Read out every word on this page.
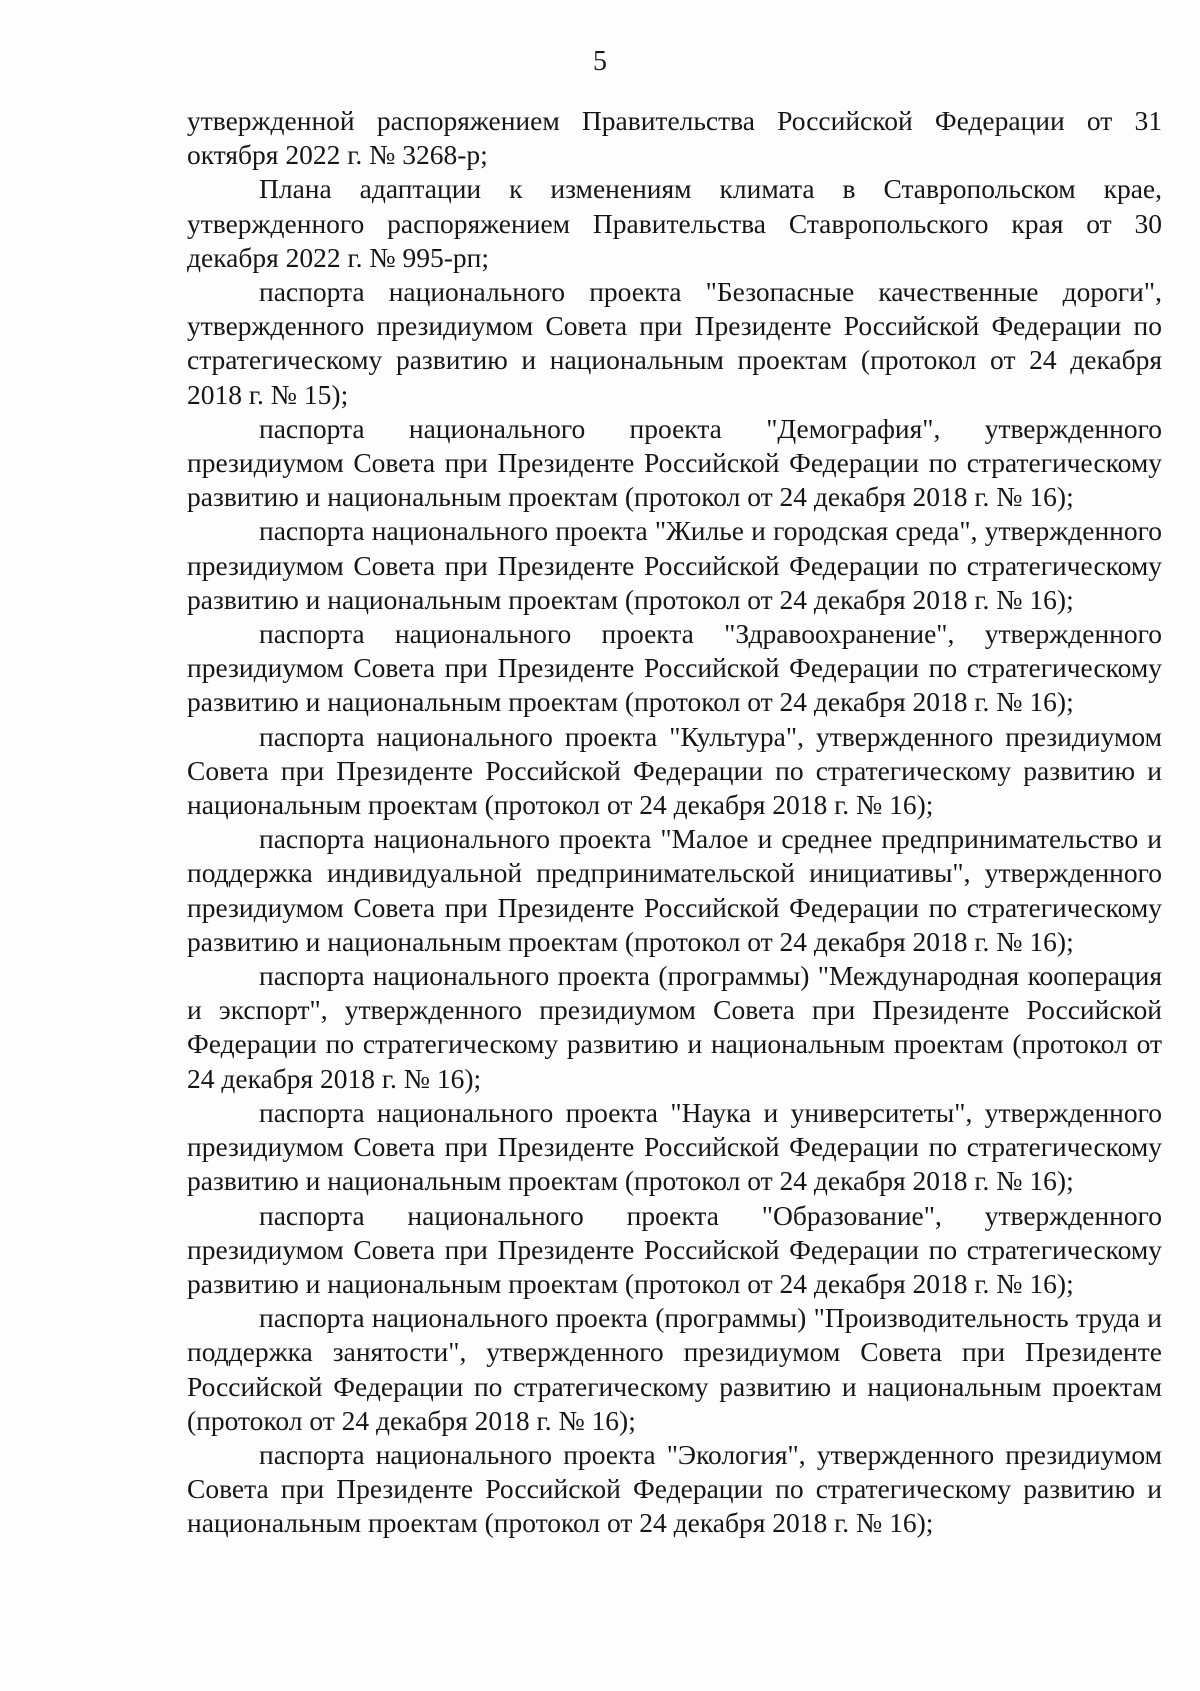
5

утвержденной распоряжением Правительства Российской Федерации от 31 октября 2022 г. № 3268-р;

Плана адаптации к изменениям климата в Ставропольском крае, утвержденного распоряжением Правительства Ставропольского края от 30 декабря 2022 г. № 995-рп;

паспорта национального проекта "Безопасные качественные дороги", утвержденного президиумом Совета при Президенте Российской Федерации по стратегическому развитию и национальным проектам (протокол от 24 декабря 2018 г. № 15);

паспорта национального проекта "Демография", утвержденного президиумом Совета при Президенте Российской Федерации по стратегическому развитию и национальным проектам (протокол от 24 декабря 2018 г. № 16);

паспорта национального проекта "Жилье и городская среда", утвержденного президиумом Совета при Президенте Российской Федерации по стратегическому развитию и национальным проектам (протокол от 24 декабря 2018 г. № 16);

паспорта национального проекта "Здравоохранение", утвержденного президиумом Совета при Президенте Российской Федерации по стратегическому развитию и национальным проектам (протокол от 24 декабря 2018 г. № 16);

паспорта национального проекта "Культура", утвержденного президиумом Совета при Президенте Российской Федерации по стратегическому развитию и национальным проектам (протокол от 24 декабря 2018 г. № 16);

паспорта национального проекта "Малое и среднее предпринимательство и поддержка индивидуальной предпринимательской инициативы", утвержденного президиумом Совета при Президенте Российской Федерации по стратегическому развитию и национальным проектам (протокол от 24 декабря 2018 г. № 16);

паспорта национального проекта (программы) "Международная кооперация и экспорт", утвержденного президиумом Совета при Президенте Российской Федерации по стратегическому развитию и национальным проектам (протокол от 24 декабря 2018 г. № 16);

паспорта национального проекта "Наука и университеты", утвержденного президиумом Совета при Президенте Российской Федерации по стратегическому развитию и национальным проектам (протокол от 24 декабря 2018 г. № 16);

паспорта национального проекта "Образование", утвержденного президиумом Совета при Президенте Российской Федерации по стратегическому развитию и национальным проектам (протокол от 24 декабря 2018 г. № 16);

паспорта национального проекта (программы) "Производительность труда и поддержка занятости", утвержденного президиумом Совета при Президенте Российской Федерации по стратегическому развитию и национальным проектам (протокол от 24 декабря 2018 г. № 16);

паспорта национального проекта "Экология", утвержденного президиумом Совета при Президенте Российской Федерации по стратегическому развитию и национальным проектам (протокол от 24 декабря 2018 г. № 16);
